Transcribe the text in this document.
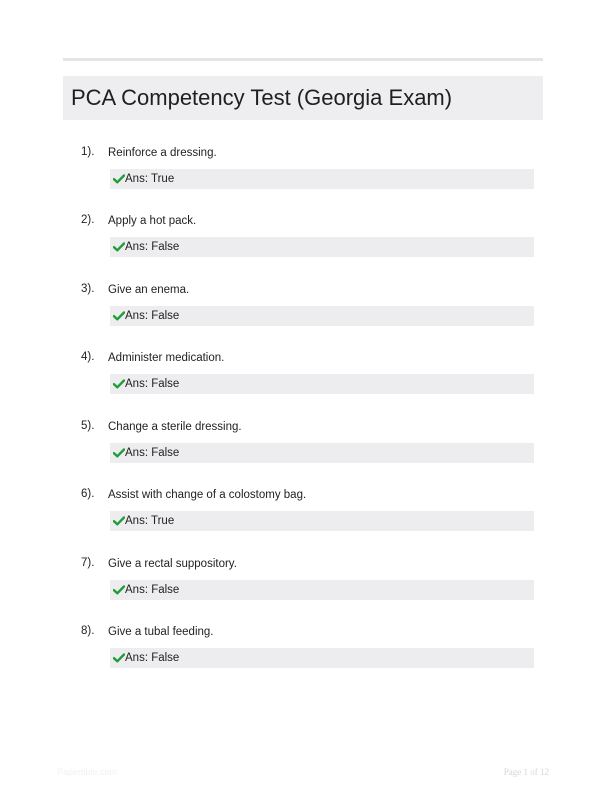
PCA Competency Test (Georgia Exam)
1). Reinforce a dressing.
Ans: True
2). Apply a hot pack.
Ans: False
3). Give an enema.
Ans: False
4). Administer medication.
Ans: False
5). Change a sterile dressing.
Ans: False
6). Assist with change of a colostomy bag.
Ans: True
7). Give a rectal suppository.
Ans: False
8). Give a tubal feeding.
Ans: False
Papertible.com	Page 1 of 12
